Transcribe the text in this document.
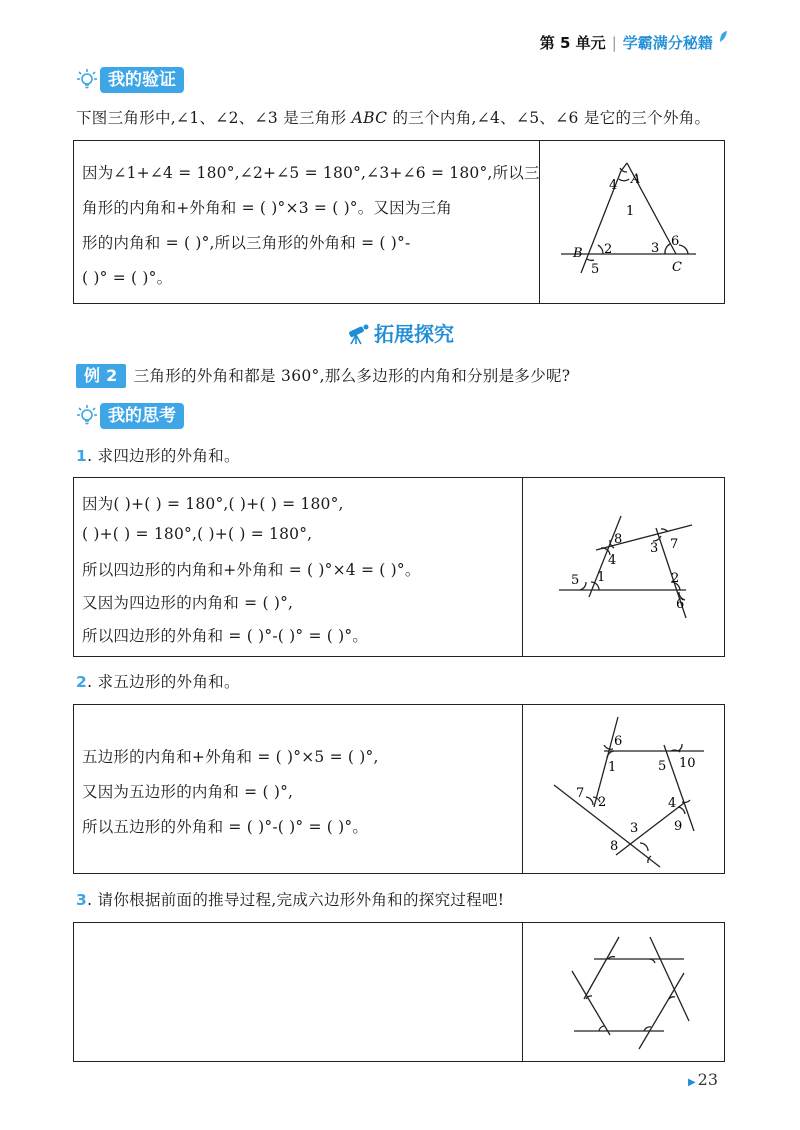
第 5 单元 | 学霸满分秘籍
我的验证
下图三角形中,∠1、∠2、∠3 是三角形 ABC 的三个内角,∠4、∠5、∠6 是它的三个外角。
因为∠1+∠4 = 180°,∠2+∠5 = 180°,∠3+∠6 = 180°,所以三
角形的内角和+外角和 = ( )°×3 = ( )°。又因为三角
形的内角和 = ( )°,所以三角形的外角和 = ( )°-
( )° = ( )°。
A
4
1
B 2
5
3 6
C
拓展探究
例 2 三角形的外角和都是 360°,那么多边形的内角和分别是多少呢?
我的思考
1. 求四边形的外角和。
因为( )+( ) = 180°,( )+( ) = 180°,
( )+( ) = 180°,( )+( ) = 180°,
所以四边形的内角和+外角和 = ( )°×4 = ( )°。
又因为四边形的内角和 = ( )°,
所以四边形的外角和 = ( )°-( )° = ( )°。
1	2
3
4
5
6
7
8
2. 求五边形的外角和。
五边形的内角和+外角和 = ( )°×5 = ( )°,
又因为五边形的内角和 = ( )°,
所以五边形的外角和 = ( )°-( )° = ( )°。
1
2
3
4
5
6
7
8
9
10
3. 请你根据前面的推导过程,完成六边形外角和的探究过程吧!
▶ 23
